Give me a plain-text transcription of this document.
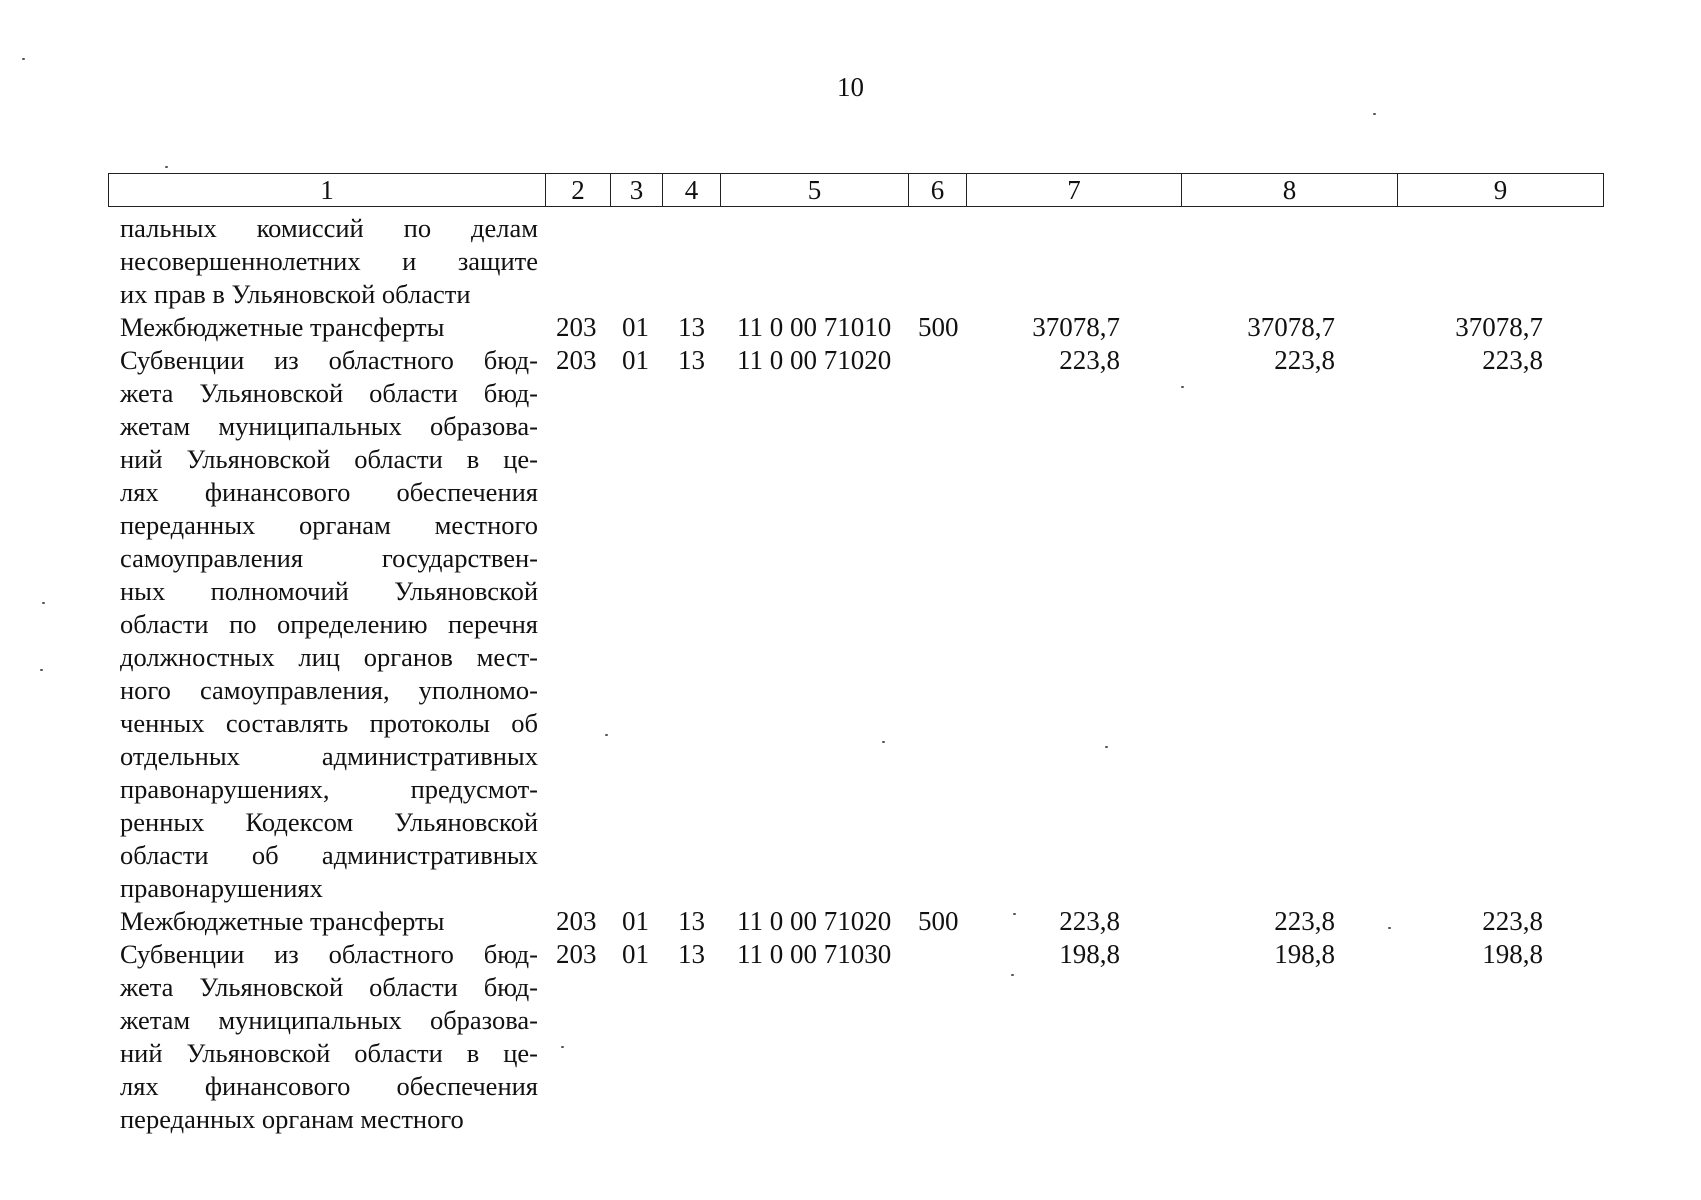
10
1	2	3	4	5	6	7	8	9
пальных комиссий по делам
несовершеннолетних и защите
их прав в Ульяновской области
Межбюджетные трансферты	203 01 13 11 0 00 71010 500	37078,7	37078,7	37078,7
Субвенции из областного бюд-
жета Ульяновской области бюд-
жетам муниципальных образова-
ний Ульяновской области в це-
лях финансового обеспечения
переданных органам местного
самоуправления государствен-
ных полномочий Ульяновской
области по определению перечня
должностных лиц органов мест-
ного самоуправления, уполномо-
ченных составлять протоколы об
отдельных административных
правонарушениях, предусмот-
ренных Кодексом Ульяновской
области об административных
правонарушениях
203 01 13 11 0 00 71020	223,8	223,8	223,8
Межбюджетные трансферты	203 01 13 11 0 00 71020 500	223,8	223,8	223,8
Субвенции из областного бюд-
жета Ульяновской области бюд-
жетам муниципальных образова-
ний Ульяновской области в це-
лях финансового обеспечения
переданных органам местного
203 01 13 11 0 00 71030	198,8	198,8	198,8
